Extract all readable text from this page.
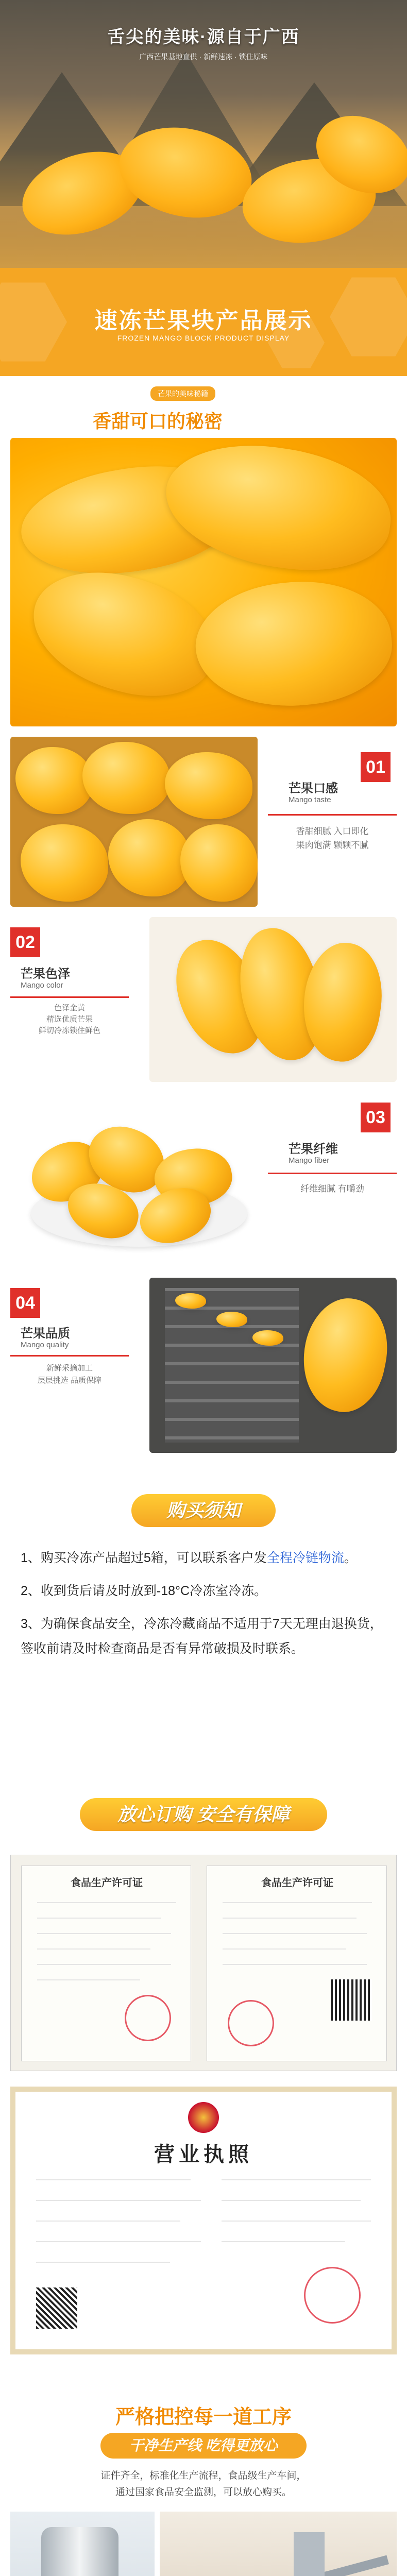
舌尖的美味·源自于广西
广西芒果基地直供 · 新鲜速冻 · 锁住原味
速冻芒果块产品展示
FROZEN MANGO BLOCK PRODUCT DISPLAY
芒果的美味秘籍
香甜可口的秘密
01
芒果口感
Mango taste
香甜细腻 入口即化
果肉饱满 颗颗不腻
02
芒果色泽
Mango color
色泽金黄
精选优质芒果
鲜切冷冻锁住鲜色
03
芒果纤维
Mango fiber
纤维细腻 有嚼劲
04
芒果品质
Mango quality
新鲜采摘加工
层层挑选 品质保障
购买须知

1、购买冷冻产品超过5箱，可以联系客户发全程冷链物流。

2、收到货后请及时放到-18°C冷冻室冷冻。

3、为确保食品安全，冷冻冷藏商品不适用于7天无理由退换货，签收前请及时检查商品是否有异常破损及时联系。

放心订购 安全有保障
食品生产许可证	食品生产许可证
营业执照
严格把控每一道工序
干净生产线 吃得更放心
证件齐全，标准化生产流程，食品级生产车间，
通过国家食品安全监测，可以放心购买。
